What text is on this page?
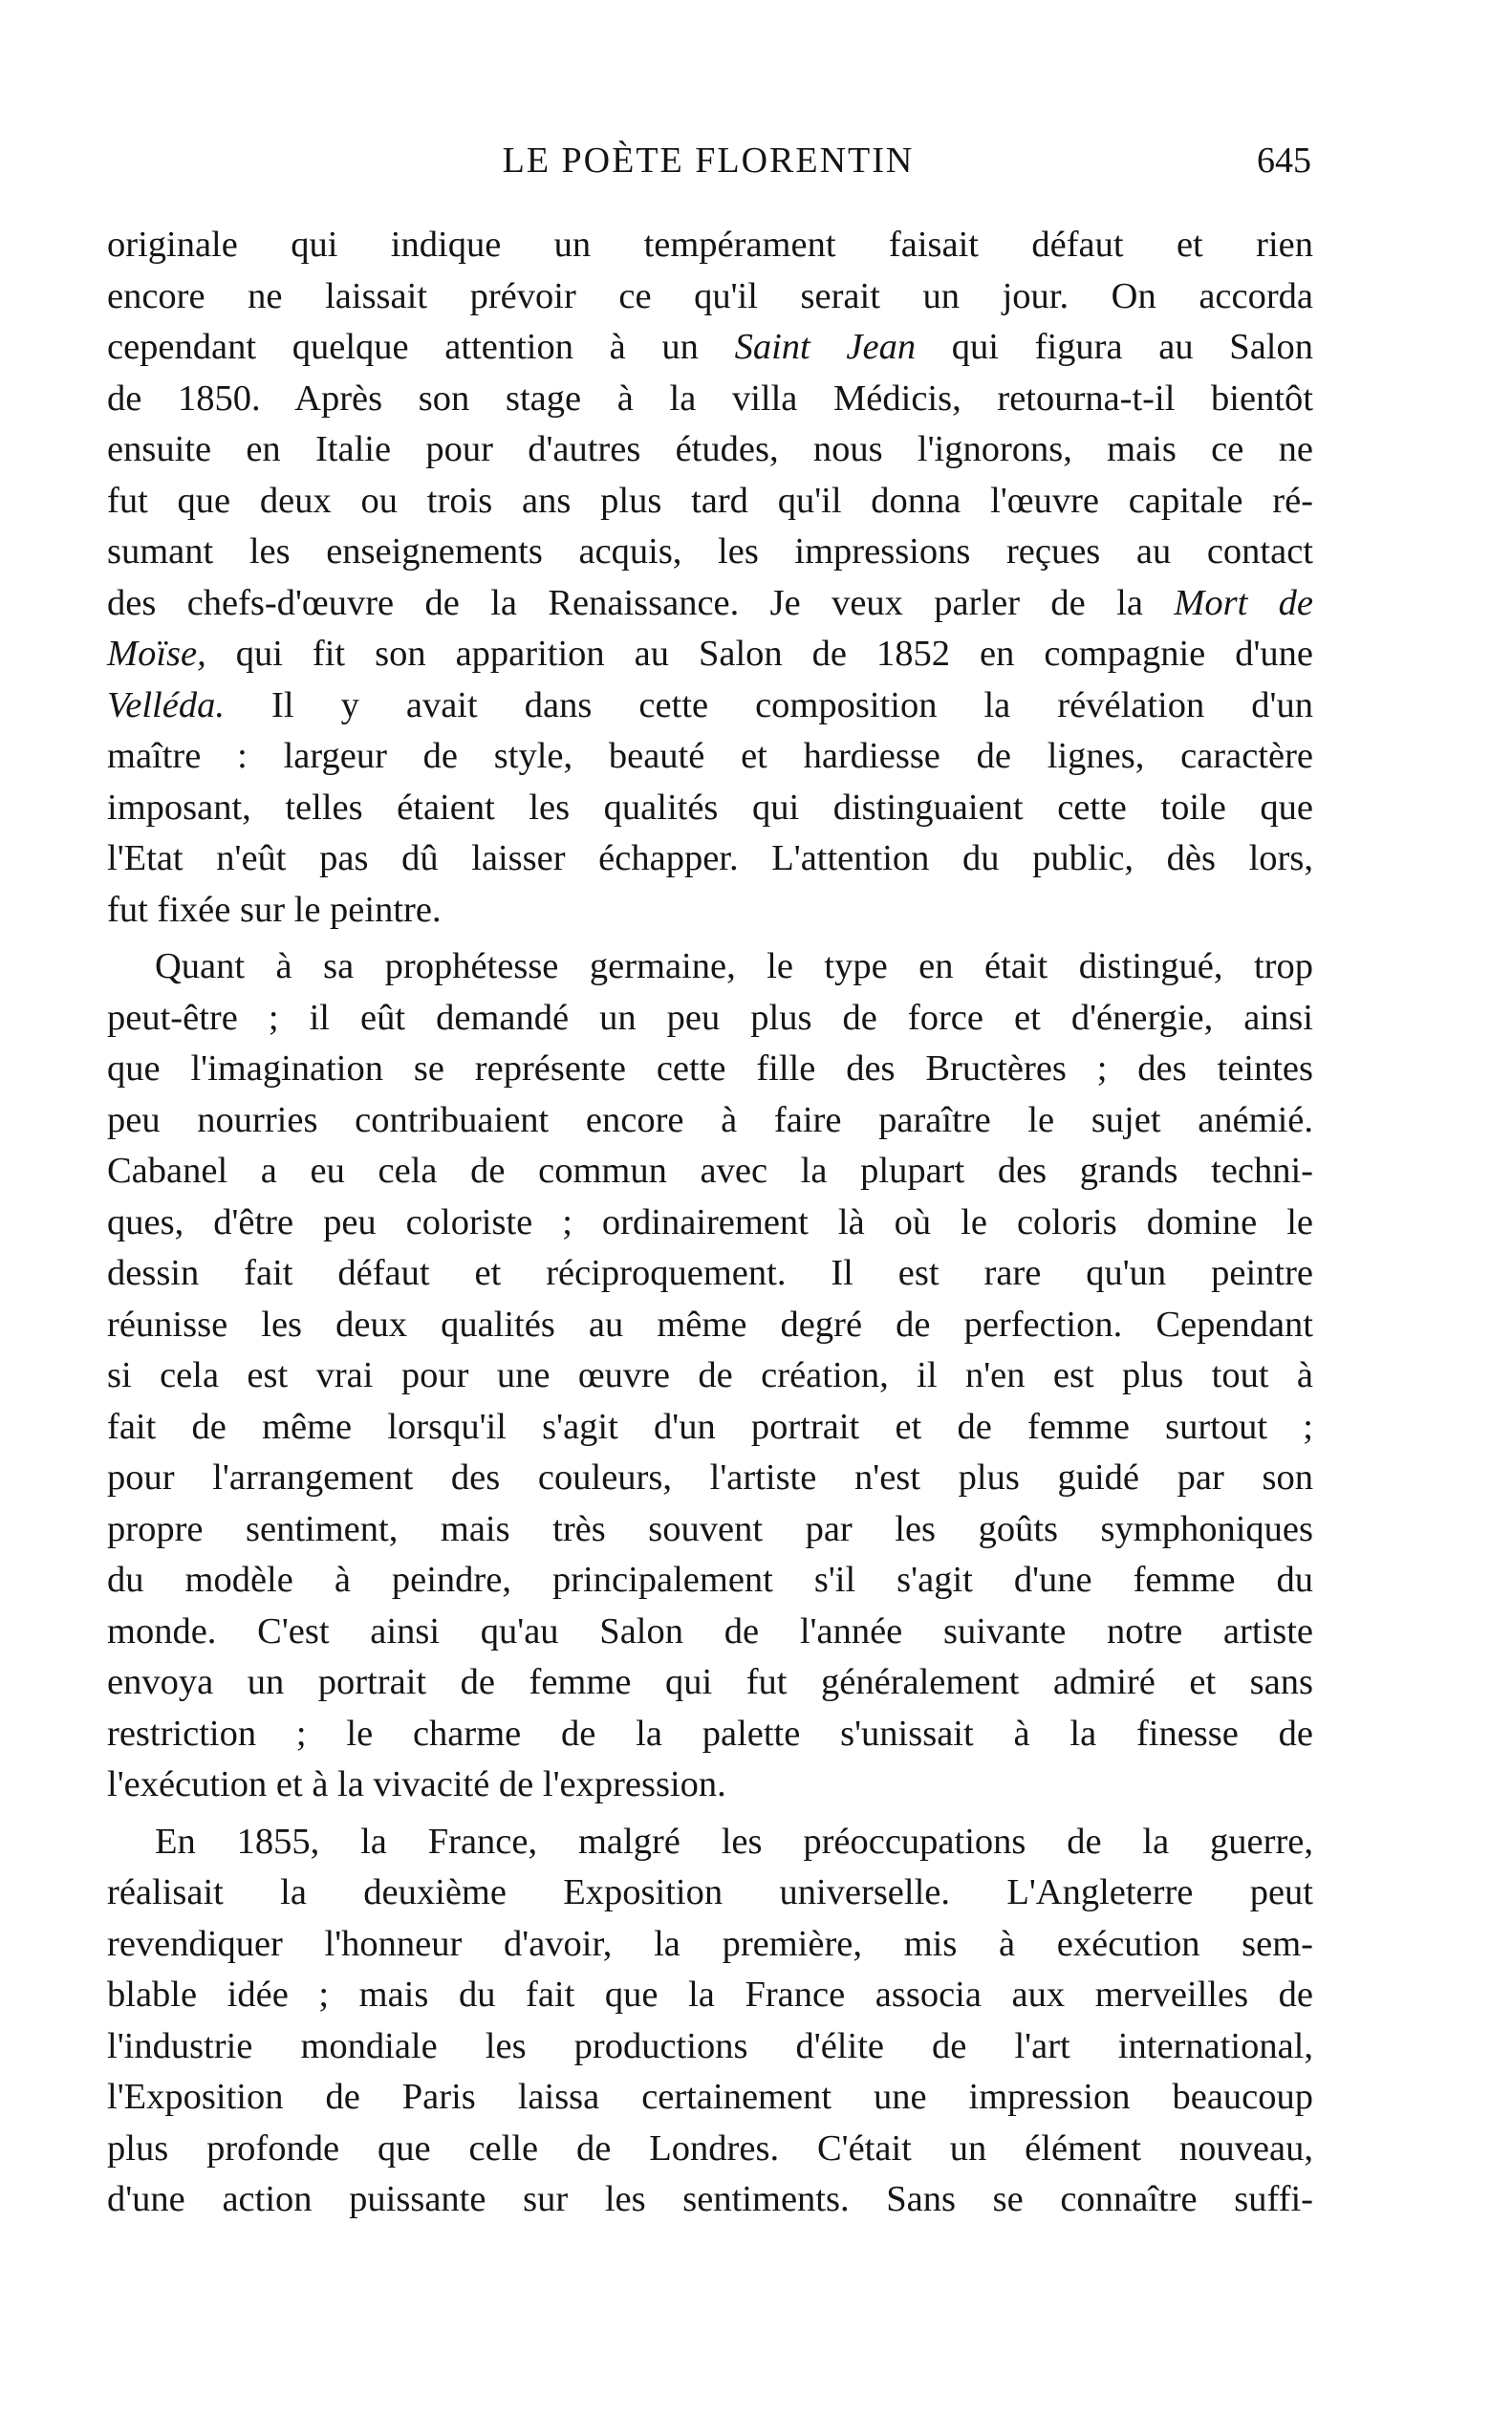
LE POÈTE FLORENTIN	645

originale qui indique un tempérament faisait défaut et rien
encore ne laissait prévoir ce qu'il serait un jour. On accorda
cependant quelque attention à un Saint Jean qui figura au Salon
de 1850. Après son stage à la villa Médicis, retourna-t-il bientôt
ensuite en Italie pour d'autres études, nous l'ignorons, mais ce ne
fut que deux ou trois ans plus tard qu'il donna l'œuvre capitale ré-
sumant les enseignements acquis, les impressions reçues au contact
des chefs-d'œuvre de la Renaissance. Je veux parler de la Mort de
Moïse, qui fit son apparition au Salon de 1852 en compagnie d'une
Velléda. Il y avait dans cette composition la révélation d'un
maître : largeur de style, beauté et hardiesse de lignes, caractère
imposant, telles étaient les qualités qui distinguaient cette toile que
l'Etat n'eût pas dû laisser échapper. L'attention du public, dès lors,
fut fixée sur le peintre.

Quant à sa prophétesse germaine, le type en était distingué, trop
peut-être ; il eût demandé un peu plus de force et d'énergie, ainsi
que l'imagination se représente cette fille des Bructères ; des teintes
peu nourries contribuaient encore à faire paraître le sujet anémié.
Cabanel a eu cela de commun avec la plupart des grands techni-
ques, d'être peu coloriste ; ordinairement là où le coloris domine le
dessin fait défaut et réciproquement. Il est rare qu'un peintre
réunisse les deux qualités au même degré de perfection. Cependant
si cela est vrai pour une œuvre de création, il n'en est plus tout à
fait de même lorsqu'il s'agit d'un portrait et de femme surtout ;
pour l'arrangement des couleurs, l'artiste n'est plus guidé par son
propre sentiment, mais très souvent par les goûts symphoniques
du modèle à peindre, principalement s'il s'agit d'une femme du
monde. C'est ainsi qu'au Salon de l'année suivante notre artiste
envoya un portrait de femme qui fut généralement admiré et sans
restriction ; le charme de la palette s'unissait à la finesse de
l'exécution et à la vivacité de l'expression.

En 1855, la France, malgré les préoccupations de la guerre,
réalisait la deuxième Exposition universelle. L'Angleterre peut
revendiquer l'honneur d'avoir, la première, mis à exécution sem-
blable idée ; mais du fait que la France associa aux merveilles de
l'industrie mondiale les productions d'élite de l'art international,
l'Exposition de Paris laissa certainement une impression beaucoup
plus profonde que celle de Londres. C'était un élément nouveau,
d'une action puissante sur les sentiments. Sans se connaître suffi-
